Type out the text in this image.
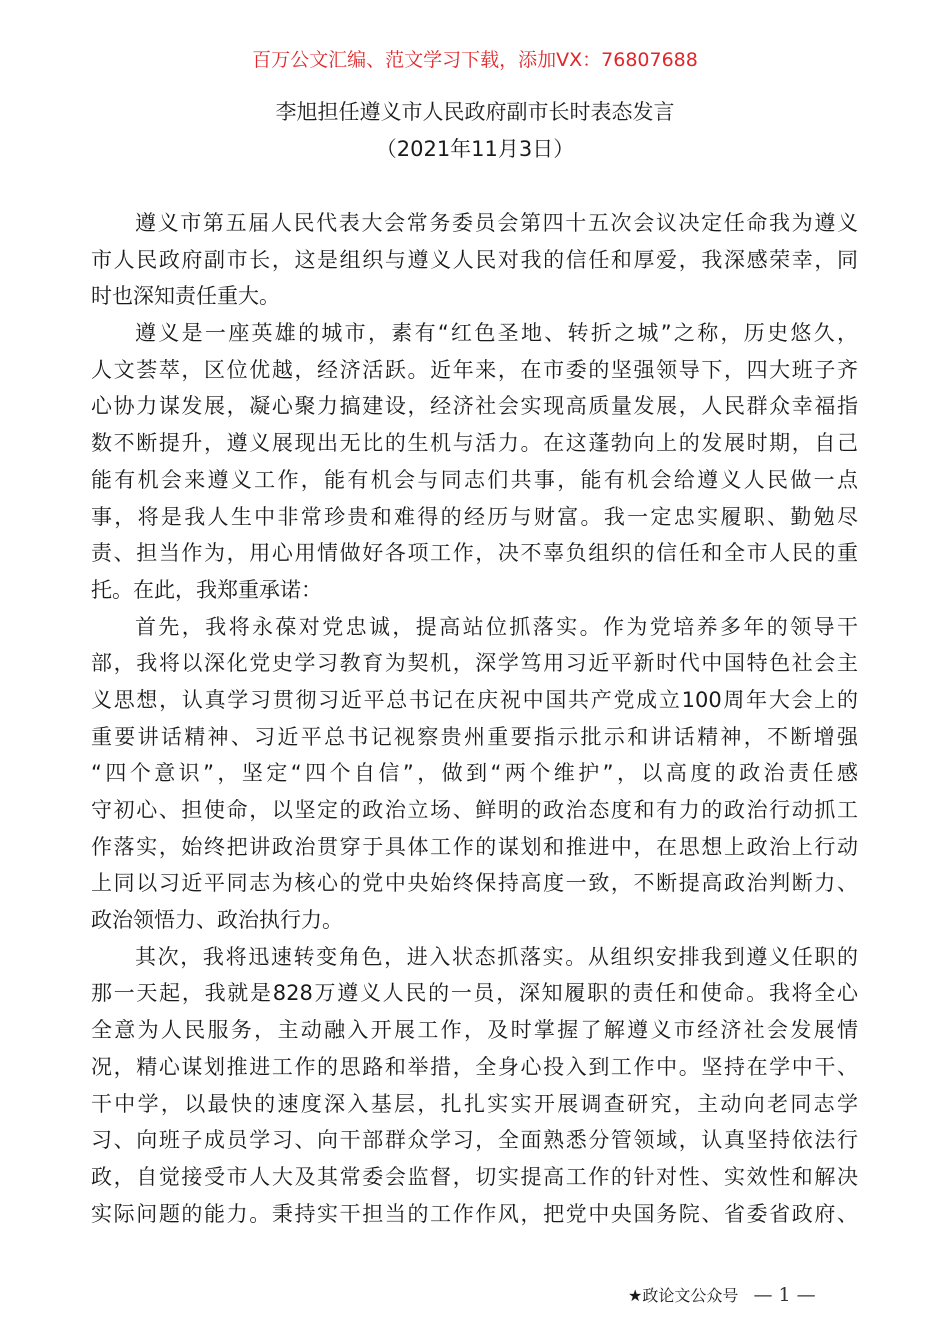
百万公文汇编、范文学习下载，添加VX：76807688
李旭担任遵义市人民政府副市长时表态发言
（2021年11月3日）
遵义市第五届人民代表大会常务委员会第四十五次会议决定任命我为遵义
市人民政府副市长，这是组织与遵义人民对我的信任和厚爱，我深感荣幸，同
时也深知责任重大。
遵义是一座英雄的城市，素有“红色圣地、转折之城”之称，历史悠久，
人文荟萃，区位优越，经济活跃。近年来，在市委的坚强领导下，四大班子齐
心协力谋发展，凝心聚力搞建设，经济社会实现高质量发展，人民群众幸福指
数不断提升，遵义展现出无比的生机与活力。在这蓬勃向上的发展时期，自己
能有机会来遵义工作，能有机会与同志们共事，能有机会给遵义人民做一点
事，将是我人生中非常珍贵和难得的经历与财富。我一定忠实履职、勤勉尽
责、担当作为，用心用情做好各项工作，决不辜负组织的信任和全市人民的重
托。在此，我郑重承诺：
首先，我将永葆对党忠诚，提高站位抓落实。作为党培养多年的领导干
部，我将以深化党史学习教育为契机，深学笃用习近平新时代中国特色社会主
义思想，认真学习贯彻习近平总书记在庆祝中国共产党成立100周年大会上的
重要讲话精神、习近平总书记视察贵州重要指示批示和讲话精神，不断增强
“四个意识”，坚定“四个自信”，做到“两个维护”，以高度的政治责任感
守初心、担使命，以坚定的政治立场、鲜明的政治态度和有力的政治行动抓工
作落实，始终把讲政治贯穿于具体工作的谋划和推进中，在思想上政治上行动
上同以习近平同志为核心的党中央始终保持高度一致，不断提高政治判断力、
政治领悟力、政治执行力。
其次，我将迅速转变角色，进入状态抓落实。从组织安排我到遵义任职的
那一天起，我就是828万遵义人民的一员，深知履职的责任和使命。我将全心
全意为人民服务，主动融入开展工作，及时掌握了解遵义市经济社会发展情
况，精心谋划推进工作的思路和举措，全身心投入到工作中。坚持在学中干、
干中学，以最快的速度深入基层，扎扎实实开展调查研究，主动向老同志学
习、向班子成员学习、向干部群众学习，全面熟悉分管领域，认真坚持依法行
政，自觉接受市人大及其常委会监督，切实提高工作的针对性、实效性和解决
实际问题的能力。秉持实干担当的工作作风，把党中央国务院、省委省政府、
★政论文公众号 — 1 —
